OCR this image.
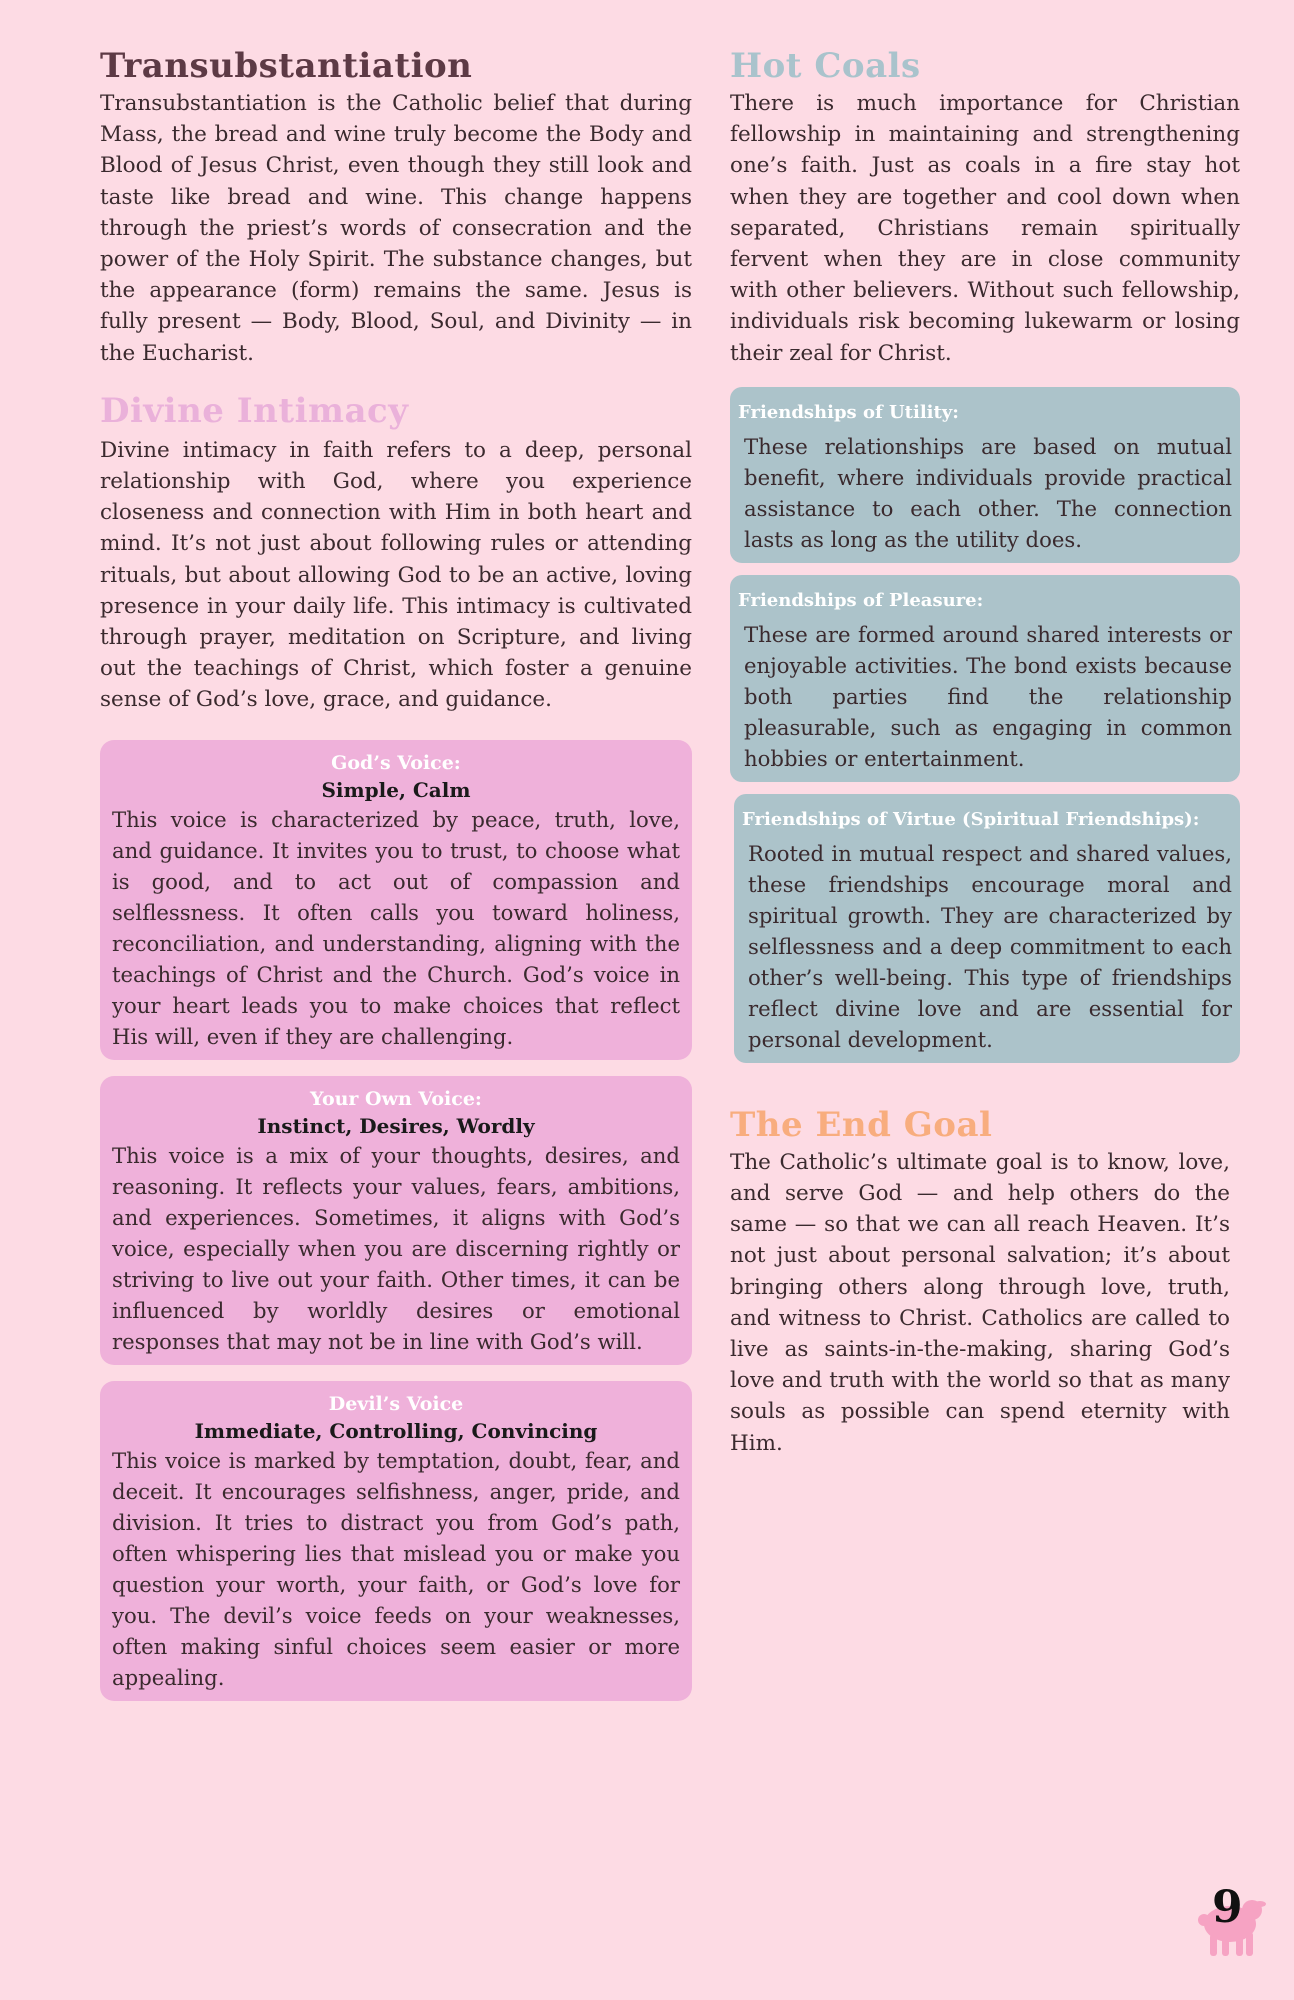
Transubstantiation

Transubstantiation is the Catholic belief that during Mass, the bread and wine truly become the Body and Blood of Jesus Christ, even though they still look and taste like bread and wine. This change happens through the priest’s words of consecration and the power of the Holy Spirit. The substance changes, but the appearance (form) remains the same. Jesus is fully present — Body, Blood, Soul, and Divinity — in the Eucharist.

Divine Intimacy

Divine intimacy in faith refers to a deep, personal relationship with God, where you experience closeness and connection with Him in both heart and mind. It’s not just about following rules or attending rituals, but about allowing God to be an active, loving presence in your daily life. This intimacy is cultivated through prayer, meditation on Scripture, and living out the teachings of Christ, which foster a genuine sense of God’s love, grace, and guidance.

God’s Voice:
Simple, Calm

This voice is characterized by peace, truth, love, and guidance. It invites you to trust, to choose what is good, and to act out of compassion and selflessness. It often calls you toward holiness, reconciliation, and understanding, aligning with the teachings of Christ and the Church. God’s voice in your heart leads you to make choices that reflect His will, even if they are challenging.

Your Own Voice:
Instinct, Desires, Wordly

This voice is a mix of your thoughts, desires, and reasoning. It reflects your values, fears, ambitions, and experiences. Sometimes, it aligns with God’s voice, especially when you are discerning rightly or striving to live out your faith. Other times, it can be influenced by worldly desires or emotional responses that may not be in line with God’s will.

Devil’s Voice
Immediate, Controlling, Convincing

This voice is marked by temptation, doubt, fear, and deceit. It encourages selfishness, anger, pride, and division. It tries to distract you from God’s path, often whispering lies that mislead you or make you question your worth, your faith, or God’s love for you. The devil’s voice feeds on your weaknesses, often making sinful choices seem easier or more appealing.

Hot Coals

There is much importance for Christian fellowship in maintaining and strengthening one’s faith. Just as coals in a fire stay hot when they are together and cool down when separated, Christians remain spiritually fervent when they are in close community with other believers. Without such fellowship, individuals risk becoming lukewarm or losing their zeal for Christ.

Friendships of Utility:

These relationships are based on mutual benefit, where individuals provide practical assistance to each other. The connection lasts as long as the utility does.

Friendships of Pleasure:

These are formed around shared interests or enjoyable activities. The bond exists because both parties find the relationship pleasurable, such as engaging in common hobbies or entertainment.

Friendships of Virtue (Spiritual Friendships):

Rooted in mutual respect and shared values, these friendships encourage moral and spiritual growth. They are characterized by selflessness and a deep commitment to each other’s well-being. This type of friendships reflect divine love and are essential for personal development.

The End Goal

The Catholic’s ultimate goal is to know, love, and serve God — and help others do the same — so that we can all reach Heaven. It’s not just about personal salvation; it’s about bringing others along through love, truth, and witness to Christ. Catholics are called to live as saints-in-the-making, sharing God’s love and truth with the world so that as many souls as possible can spend eternity with Him.

9
